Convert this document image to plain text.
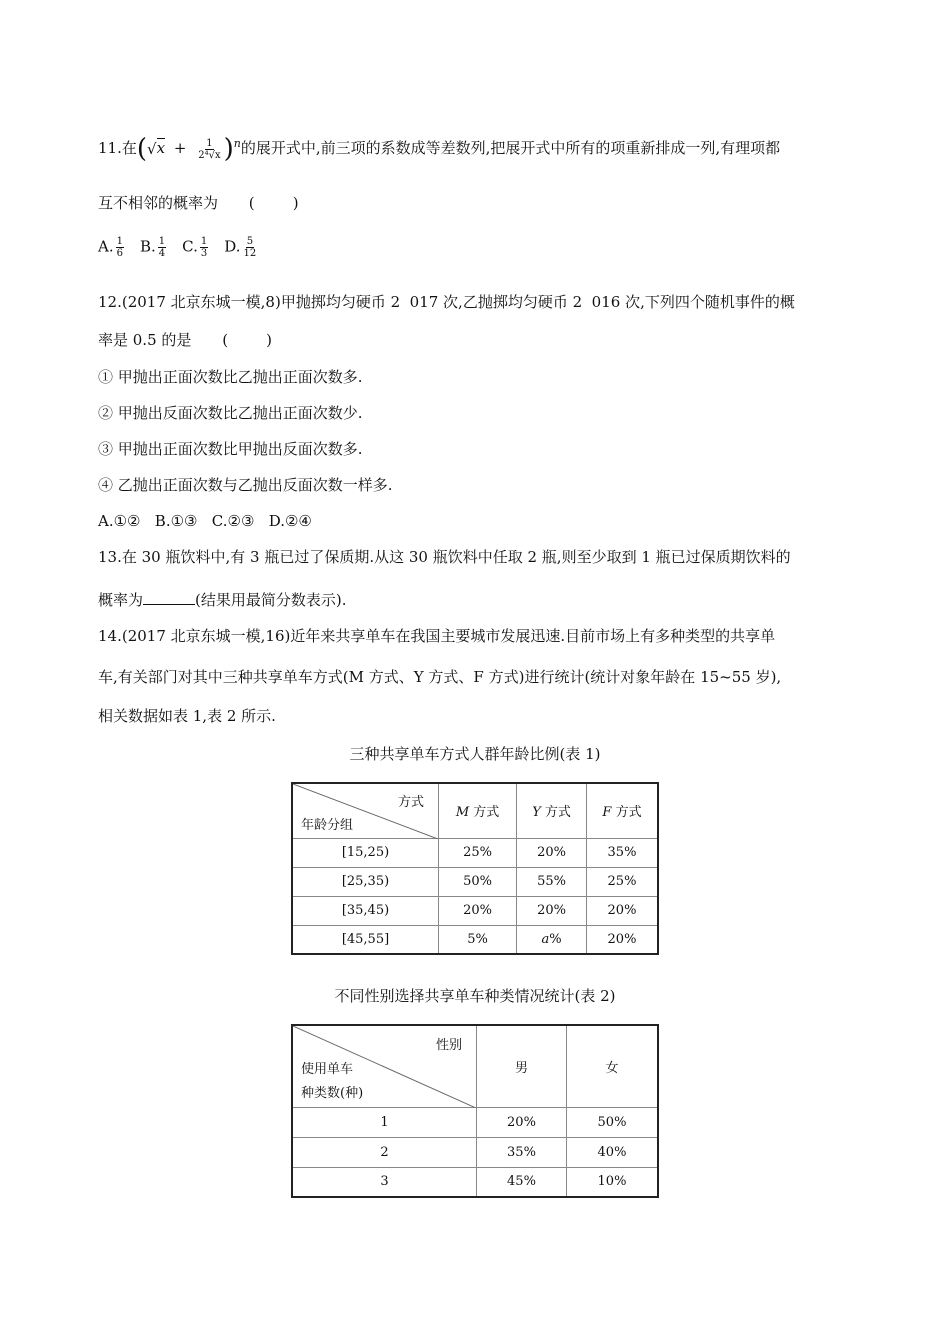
11.在$(√x + \frac{1}{\text{2⁴√x}} )^n$的展开式中,前三项的系数成等差数列,把展开式中所有的项重新排成一列,有理项都
互不相邻的概率为 (        )
A. $\frac{1}{6} B$. $\frac{1}{4} C$. $\frac{1}{3} D$. $\frac{5}{12}$
12.(2017 北京东城一模,8)甲抛掷均匀硬币 2  017 次,乙抛掷均匀硬币 2  016 次,下列四个随机事件的概
率是 0.5 的是 (        )
① 甲抛出正面次数比乙抛出正面次数多.
② 甲抛出反面次数比乙抛出正面次数少.
③ 甲抛出正面次数比甲抛出反面次数多.
④ 乙抛出正面次数与乙抛出反面次数一样多.
A.①②   B.①③   C.②③   D.②④
13.在 30 瓶饮料中,有 3 瓶已过了保质期.从这 30 瓶饮料中任取 2 瓶,则至少取到 1 瓶已过保质期饮料的
概率为	(结果用最简分数表示).
14.(2017 北京东城一模,16)近年来共享单车在我国主要城市发展迅速.目前市场上有多种类型的共享单
车,有关部门对其中三种共享单车方式(M 方式、Y 方式、F 方式)进行统计(统计对象年龄在 15~55 岁),
相关数据如表 1,表 2 所示.
三种共享单车方式人群年龄比例(表 1)
方式
年龄分组	M 方式	Y 方式	F 方式
[15,25)	25%	20%	35%
[25,35)	50%	55%	25%
[35,45)	20%	20%	20%
[45,55]	5%	a%	20%
不同性别选择共享单车种类情况统计(表 2)
性别
使用单车
种类数(种)	男	女
1	20%	50%
2	35%	40%
3	45%	10%
